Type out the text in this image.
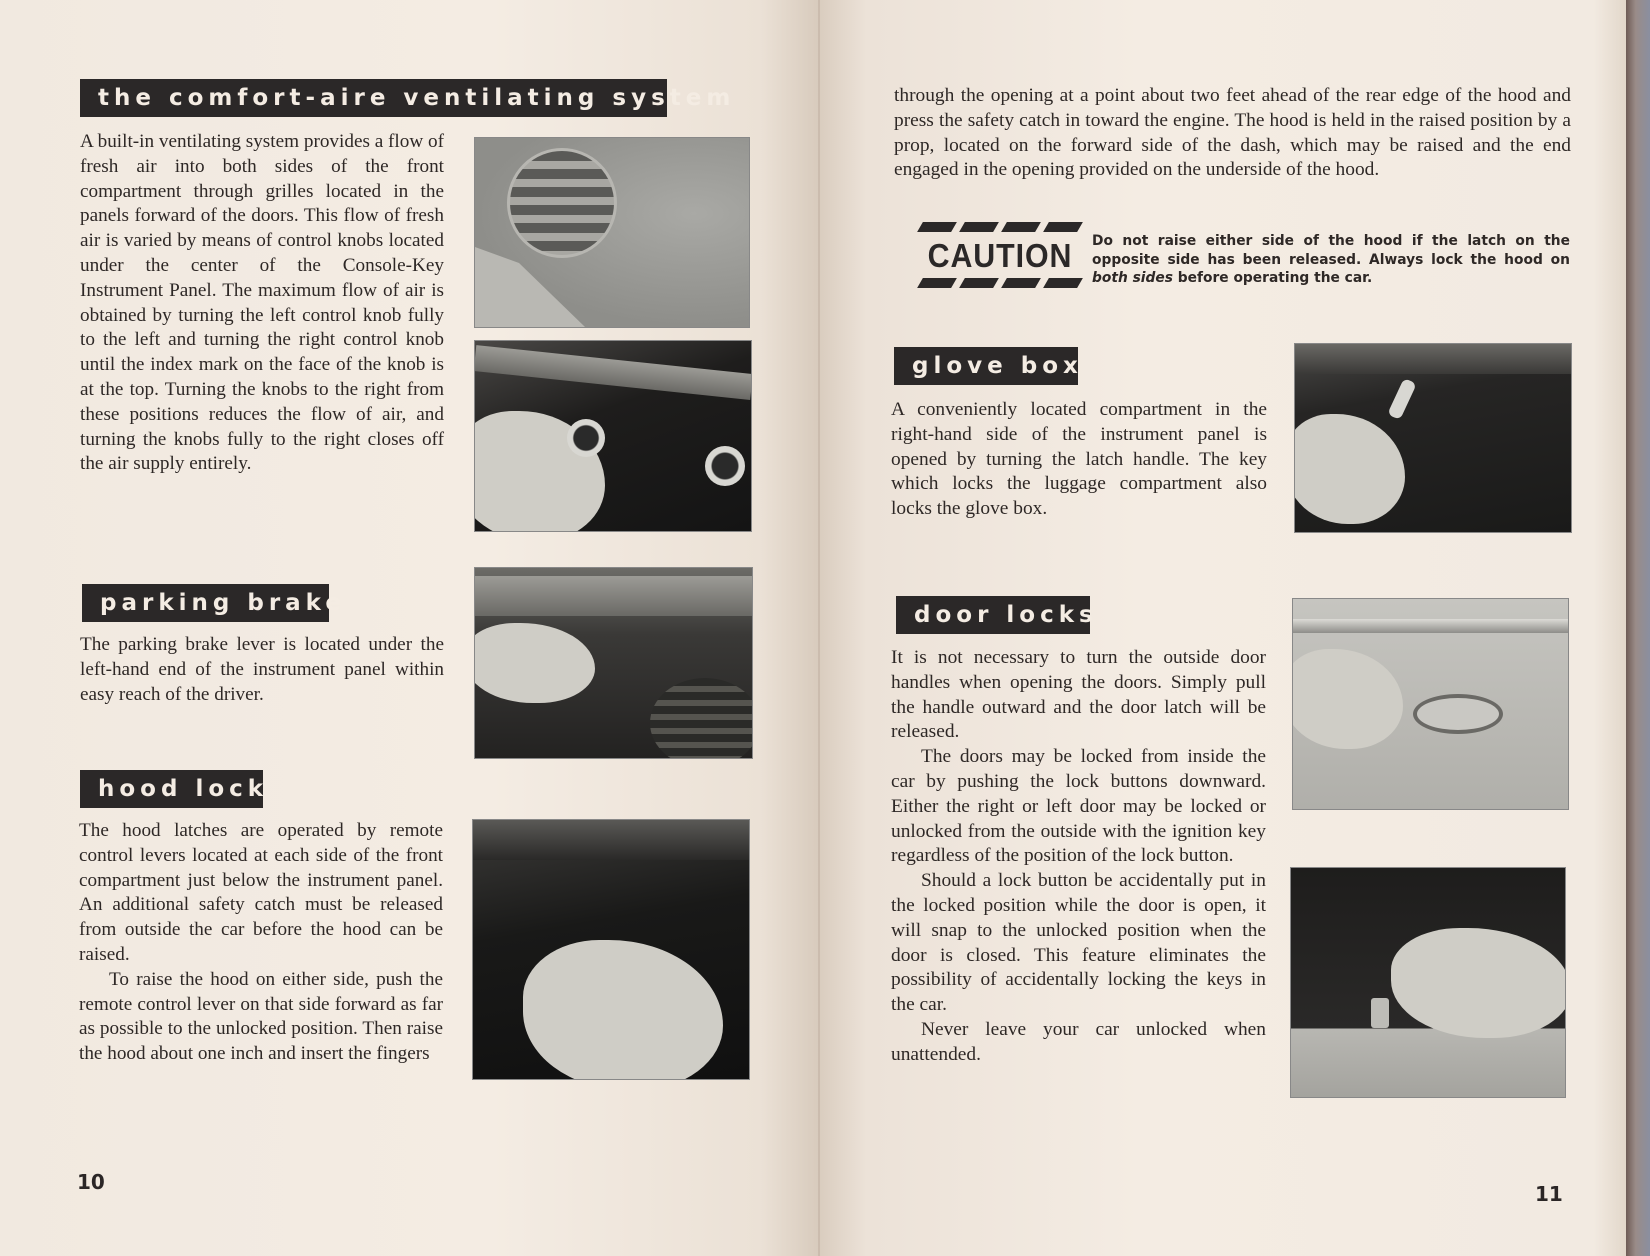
the comfort-aire ventilating system

A built-in ventilating system provides a flow of fresh air into both sides of the front compartment through grilles located in the panels forward of the doors. This flow of fresh air is varied by means of control knobs located under the center of the Console-Key Instrument Panel. The maximum flow of air is obtained by turning the left control knob fully to the left and turning the right control knob until the index mark on the face of the knob is at the top. Turning the knobs to the right from these positions reduces the flow of air, and turning the knobs fully to the right closes off the air supply entirely.

parking brake

The parking brake lever is located under the left-hand end of the instrument panel within easy reach of the driver.

hood lock

The hood latches are operated by remote control levers located at each side of the front compartment just below the instrument panel. An additional safety catch must be released from outside the car before the hood can be raised.

To raise the hood on either side, push the remote control lever on that side forward as far as possible to the unlocked position. Then raise the hood about one inch and insert the fingers

10

through the opening at a point about two feet ahead of the rear edge of the hood and press the safety catch in toward the engine. The hood is held in the raised position by a prop, located on the forward side of the dash, which may be raised and the end engaged in the opening provided on the underside of the hood.

CAUTION Do not raise either side of the hood if the latch on the opposite side has been released. Always lock the hood on both sides before operating the car.
glove box

A conveniently located compartment in the right-hand side of the instrument panel is opened by turning the latch handle. The key which locks the luggage compartment also locks the glove box.

door locks

It is not necessary to turn the outside door handles when opening the doors. Simply pull the handle outward and the door latch will be released.

The doors may be locked from inside the car by pushing the lock buttons downward. Either the right or left door may be locked or unlocked from the outside with the ignition key regardless of the position of the lock button.

Should a lock button be accidentally put in the locked position while the door is open, it will snap to the unlocked position when the door is closed. This feature eliminates the possibility of accidentally locking the keys in the car.

Never leave your car unlocked when unattended.

11
